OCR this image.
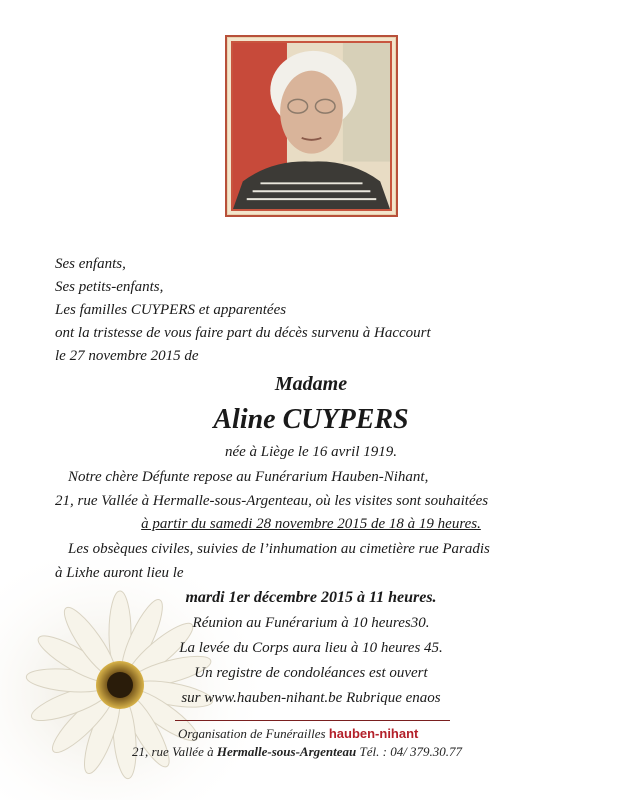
Ses enfants,
Ses petits-enfants,
Les familles CUYPERS et apparentées
ont la tristesse de vous faire part du décès survenu à Haccourt
le 27 novembre 2015 de
Madame
Aline CUYPERS
née à Liège le 16 avril 1919.
Notre chère Défunte repose au Funérarium Hauben-Nihant,
21, rue Vallée à Hermalle-sous-Argenteau, où les visites sont souhaitées
à partir du samedi 28 novembre 2015 de 18 à 19 heures.
Les obsèques civiles, suivies de l’inhumation au cimetière rue Paradis
à Lixhe auront lieu le
mardi 1er décembre 2015 à 11 heures.
Réunion au Funérarium à 10 heures30.
La levée du Corps aura lieu à 10 heures 45.
Un registre de condoléances est ouvert
sur www.hauben-nihant.be Rubrique enaos
Organisation de Funérailles hauben-nihant
21, rue Vallée à Hermalle-sous-Argenteau Tél. : 04/ 379.30.77
